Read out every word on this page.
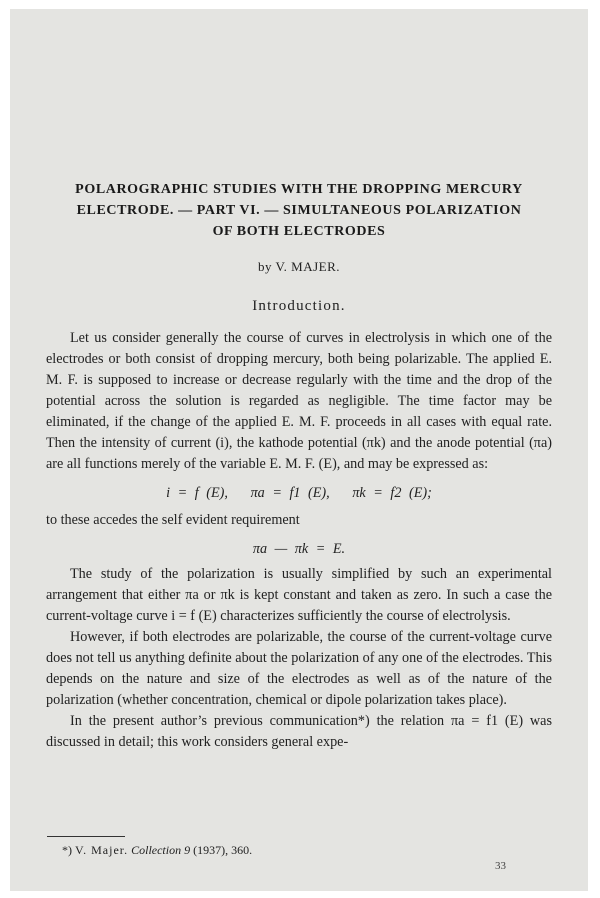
POLAROGRAPHIC STUDIES WITH THE DROPPING MERCURY
ELECTRODE. — PART VI. — SIMULTANEOUS POLARIZATION
OF BOTH ELECTRODES

by V. MAJER.

Introduction.

Let us consider generally the course of curves in electrolysis in which one of the electrodes or both consist of dropping mercury, both being polarizable. The applied E. M. F. is supposed to increase or decrease regularly with the time and the drop of the potential across the solution is regarded as negligible. The time factor may be eliminated, if the change of the applied E. M. F. proceeds in all cases with equal rate. Then the intensity of current (i), the kathode potential (πk) and the anode potential (πa) are all functions merely of the variable E. M. F. (E), and may be expressed as:

i = f (E),   πa = f1 (E),   πk = f2 (E);

to these accedes the self evident requirement

πa — πk = E.

The study of the polarization is usually simplified by such an experimental arrangement that either πa or πk is kept constant and taken as zero. In such a case the current-voltage curve i = f (E) characterizes sufficiently the course of electrolysis.

However, if both electrodes are polarizable, the course of the current-voltage curve does not tell us anything definite about the polarization of any one of the electrodes. This depends on the nature and size of the electrodes as well as of the nature of the polarization (whether concentration, chemical or dipole polarization takes place).

In the present author’s previous communication*) the relation πa = f1 (E) was discussed in detail; this work considers general expe-

*) V. Majer. Collection 9 (1937), 360.

33
